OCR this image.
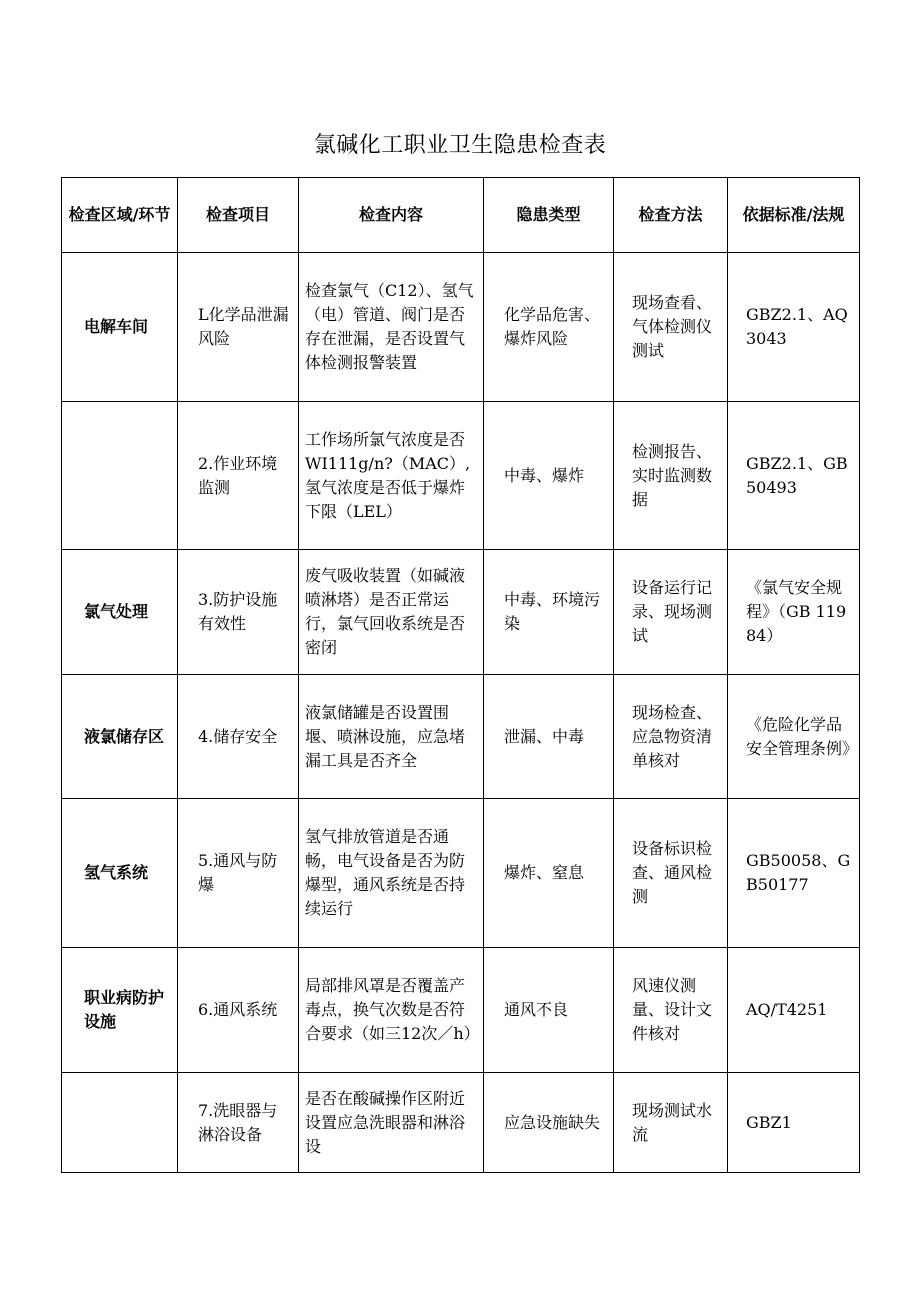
氯碱化工职业卫生隐患检查表
检查区域/环节	检查项目	检查内容	隐患类型	检查方法	依据标准/法规
电解车间	L化学品泄漏风险	检查氯气（C12）、氢气（电）管道、阀门是否存在泄漏，是否设置气体检测报警装置	化学品危害、爆炸风险	现场查看、气体检测仪测试	GBZ2.1、AQ3043
	2.作业环境监测	工作场所氯气浓度是否WI111g/n?（MAC）,氢气浓度是否低于爆炸下限（LEL）	中毒、爆炸	检测报告、实时监测数据	GBZ2.1、GB50493
氯气处理	3.防护设施有效性	废气吸收装置（如碱液喷淋塔）是否正常运行，氯气回收系统是否密闭	中毒、环境污染	设备运行记录、现场测试	《氯气安全规程》（GB 11984）
液氯储存区	4.储存安全	液氯储罐是否设置围堰、喷淋设施，应急堵漏工具是否齐全	泄漏、中毒	现场检查、应急物资清单核对	《危险化学品安全管理条例》
氢气系统	5.通风与防爆	氢气排放管道是否通畅，电气设备是否为防爆型，通风系统是否持续运行	爆炸、窒息	设备标识检查、通风检测	GB50058、GB50177
职业病防护设施	6.通风系统	局部排风罩是否覆盖产毒点，换气次数是否符合要求（如三12次／h）	通风不良	风速仪测量、设计文件核对	AQ/T4251
	7.洗眼器与淋浴设备	是否在酸碱操作区附近设置应急洗眼器和淋浴设	应急设施缺失	现场测试水流	GBZ1
